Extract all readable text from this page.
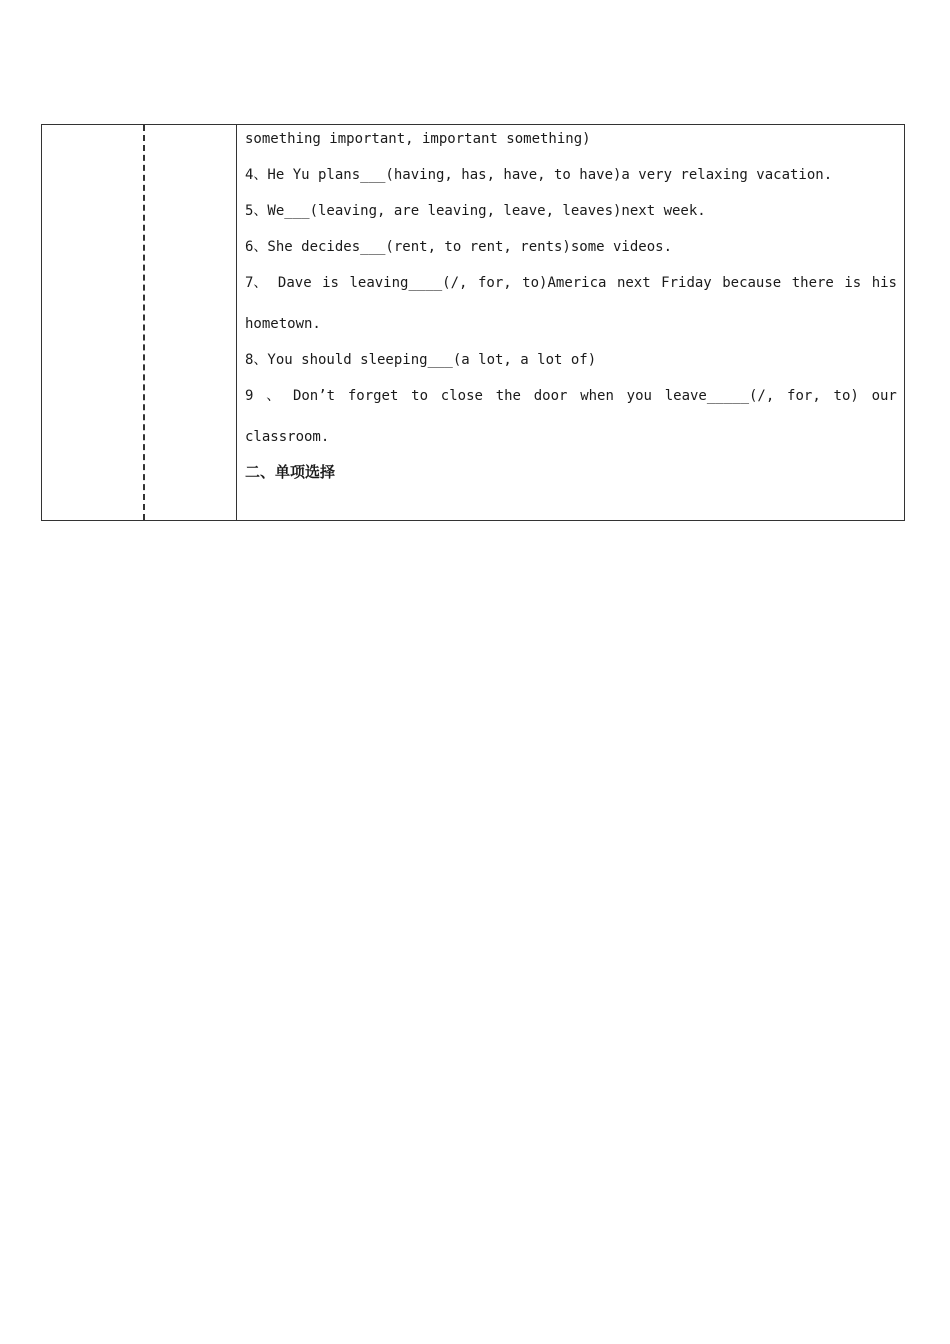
something important, important something)
4、He Yu plans___(having, has, have, to have)a very relaxing vacation.
5、We___(leaving, are leaving, leave, leaves)next week.
6、She decides___(rent, to rent, rents)some videos.
7、 Dave is leaving____(/, for, to)America next Friday because there is his
hometown.
8、You should sleeping___(a lot, a lot of)
9 、 Don’t forget to close the door when you leave_____(/, for, to) our
classroom.
二、单项选择
